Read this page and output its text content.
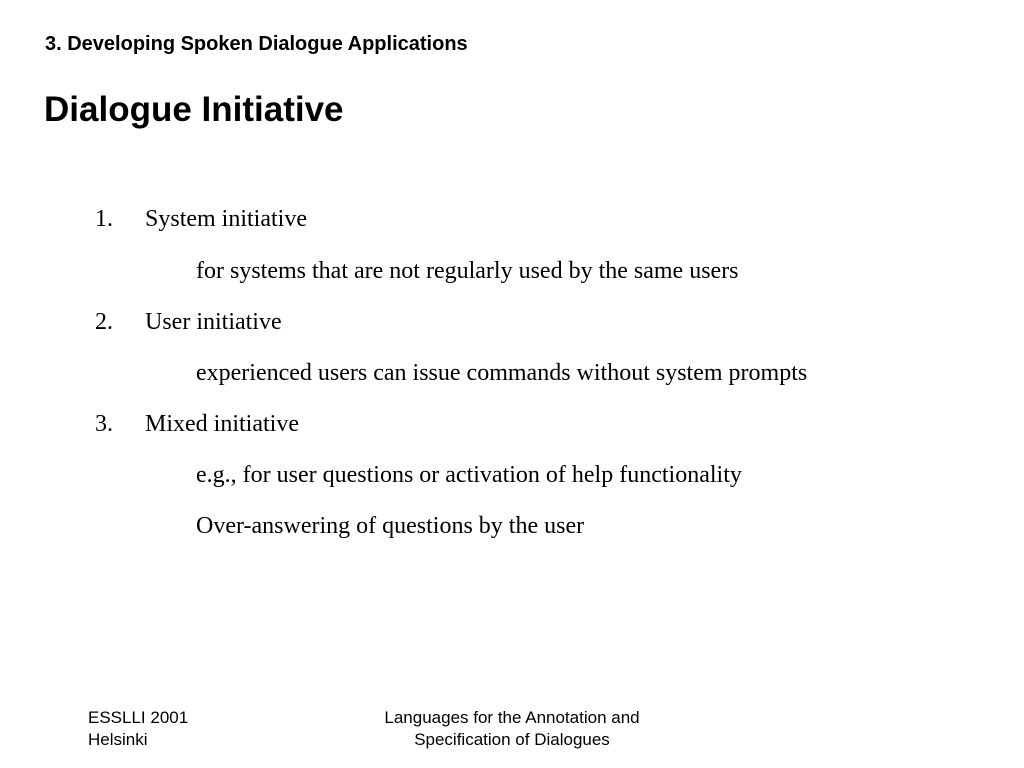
3. Developing Spoken Dialogue Applications
Dialogue Initiative
1. System initiative
for systems that are not regularly used by the same users
2. User initiative
experienced users can issue commands without system prompts
3. Mixed initiative
e.g., for user questions or activation of help functionality
Over-answering of questions by the user
ESSLLI 2001
Helsinki
Languages for the Annotation and
Specification of Dialogues
